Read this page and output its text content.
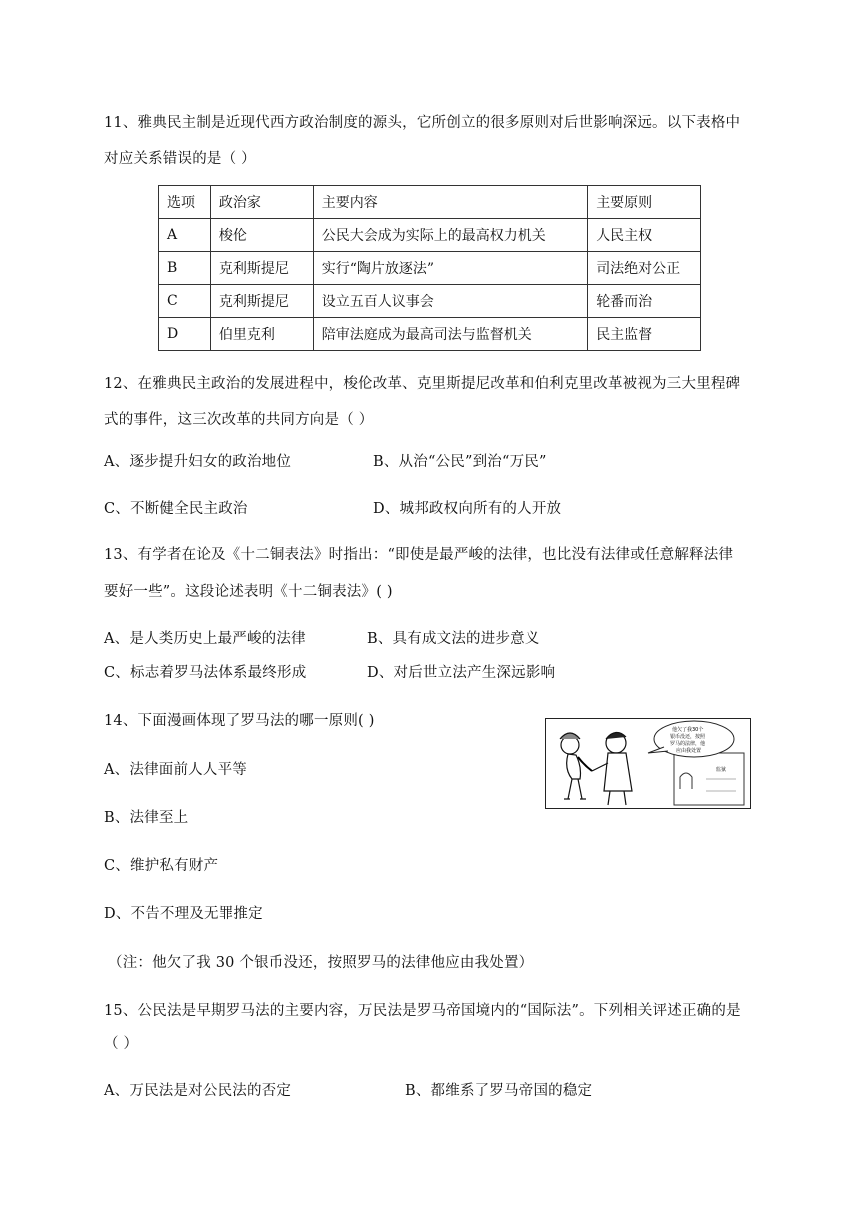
11、雅典民主制是近现代西方政治制度的源头，它所创立的很多原则对后世影响深远。以下表格中
对应关系错误的是（ ）
选项	政治家	主要内容	主要原则
A	梭伦	公民大会成为实际上的最高权力机关	人民主权
B	克利斯提尼	实行“陶片放逐法”	司法绝对公正
C	克利斯提尼	设立五百人议事会	轮番而治
D	伯里克利	陪审法庭成为最高司法与监督机关	民主监督
12、在雅典民主政治的发展进程中，梭伦改革、克里斯提尼改革和伯利克里改革被视为三大里程碑
式的事件，这三次改革的共同方向是（ ）
A、逐步提升妇女的政治地位	B、从治“公民”到治“万民”
C、不断健全民主政治	D、城邦政权向所有的人开放
13、有学者在论及《十二铜表法》时指出：“即使是最严峻的法律，也比没有法律或任意解释法律
要好一些”。这段论述表明《十二铜表法》( )
A、是人类历史上最严峻的法律	B、具有成文法的进步意义
C、标志着罗马法体系最终形成	D、对后世立法产生深远影响
14、下面漫画体现了罗马法的哪一原则( )
A、法律面前人人平等
B、法律至上
C、维护私有财产
D、不告不理及无罪推定
（注：他欠了我 30 个银币没还，按照罗马的法律他应由我处置）
监狱
他欠了我30个
银币没还，按照
罗马的法律，他
应由我处置
15、公民法是早期罗马法的主要内容，万民法是罗马帝国境内的“国际法”。下列相关评述正确的是
（ ）
A、万民法是对公民法的否定	B、都维系了罗马帝国的稳定
